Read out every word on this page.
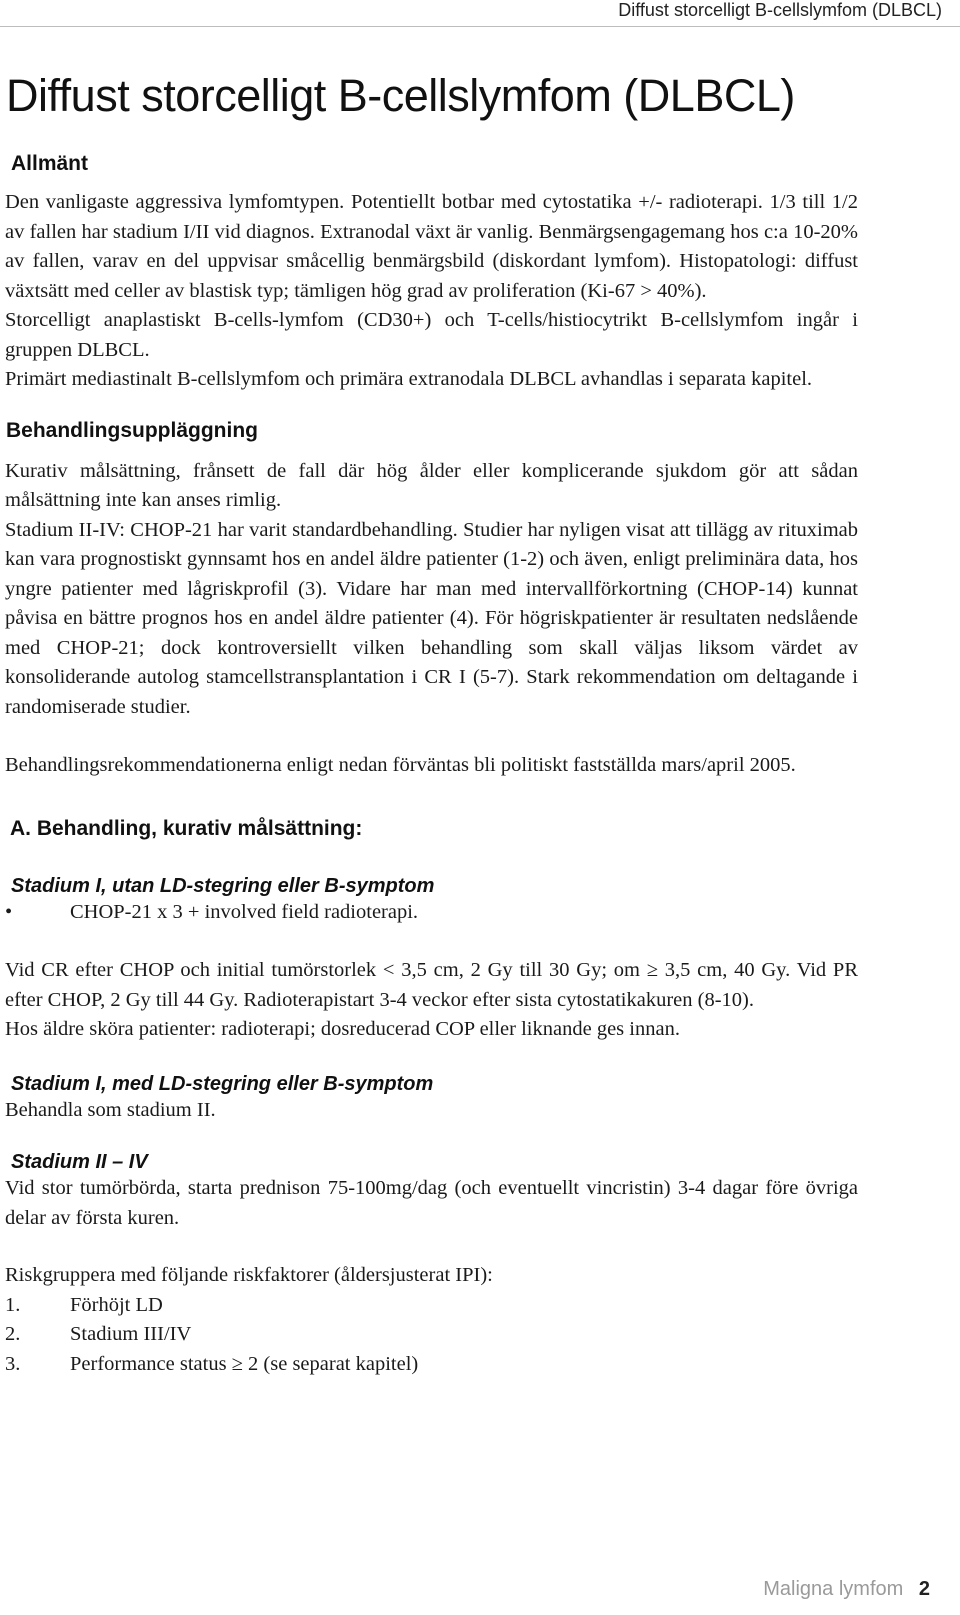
Diffust storcelligt B-cellslymfom (DLBCL)
Diffust storcelligt B-cellslymfom (DLBCL)
Allmänt

Den vanligaste aggressiva lymfomtypen. Potentiellt botbar med cytostatika +/- radioterapi. 1/3 till 1/2 av fallen har stadium I/II vid diagnos. Extranodal växt är vanlig. Benmärgsengagemang hos c:a 10-20% av fallen, varav en del uppvisar småcellig benmärgsbild (diskordant lymfom). Histopatologi: diffust växtsätt med celler av blastisk typ; tämligen hög grad av proliferation (Ki-67 > 40%).

Storcelligt anaplastiskt B-cells-lymfom (CD30+) och T-cells/histiocytrikt B-cellslymfom ingår i gruppen DLBCL.

Primärt mediastinalt B-cellslymfom och primära extranodala DLBCL avhandlas i separata kapitel.

Behandlingsuppläggning

Kurativ målsättning, frånsett de fall där hög ålder eller komplicerande sjukdom gör att sådan målsättning inte kan anses rimlig.

Stadium II-IV: CHOP-21 har varit standardbehandling. Studier har nyligen visat att tillägg av rituximab kan vara prognostiskt gynnsamt hos en andel äldre patienter (1-2) och även, enligt preliminära data, hos yngre patienter med lågriskprofil (3). Vidare har man med intervallförkortning (CHOP-14) kunnat påvisa en bättre prognos hos en andel äldre patienter (4). För högriskpatienter är resultaten nedslående med CHOP-21; dock kontroversiellt vilken behandling som skall väljas liksom värdet av konsoliderande autolog stamcellstransplantation i CR I (5-7). Stark rekommendation om deltagande i randomiserade studier.

Behandlingsrekommendationerna enligt nedan förväntas bli politiskt fastställda mars/april 2005.

A. Behandling, kurativ målsättning:
Stadium I, utan LD-stegring eller B-symptom
•	CHOP-21 x 3 + involved field radioterapi.

Vid CR efter CHOP och initial tumörstorlek < 3,5 cm, 2 Gy till 30 Gy; om ≥ 3,5 cm, 40 Gy. Vid PR efter CHOP, 2 Gy till 44 Gy. Radioterapistart 3-4 veckor efter sista cytostatikakuren (8-10).

Hos äldre sköra patienter: radioterapi; dosreducerad COP eller liknande ges innan.

Stadium I, med LD-stegring eller B-symptom

Behandla som stadium II.

Stadium II – IV

Vid stor tumörbörda, starta prednison 75-100mg/dag (och eventuellt vincristin) 3-4 dagar före övriga delar av första kuren.

Riskgruppera med följande riskfaktorer (åldersjusterat IPI):

1.	Förhöjt LD
2.	Stadium III/IV
3.	Performance status ≥ 2 (se separat kapitel)
Maligna lymfom 2
